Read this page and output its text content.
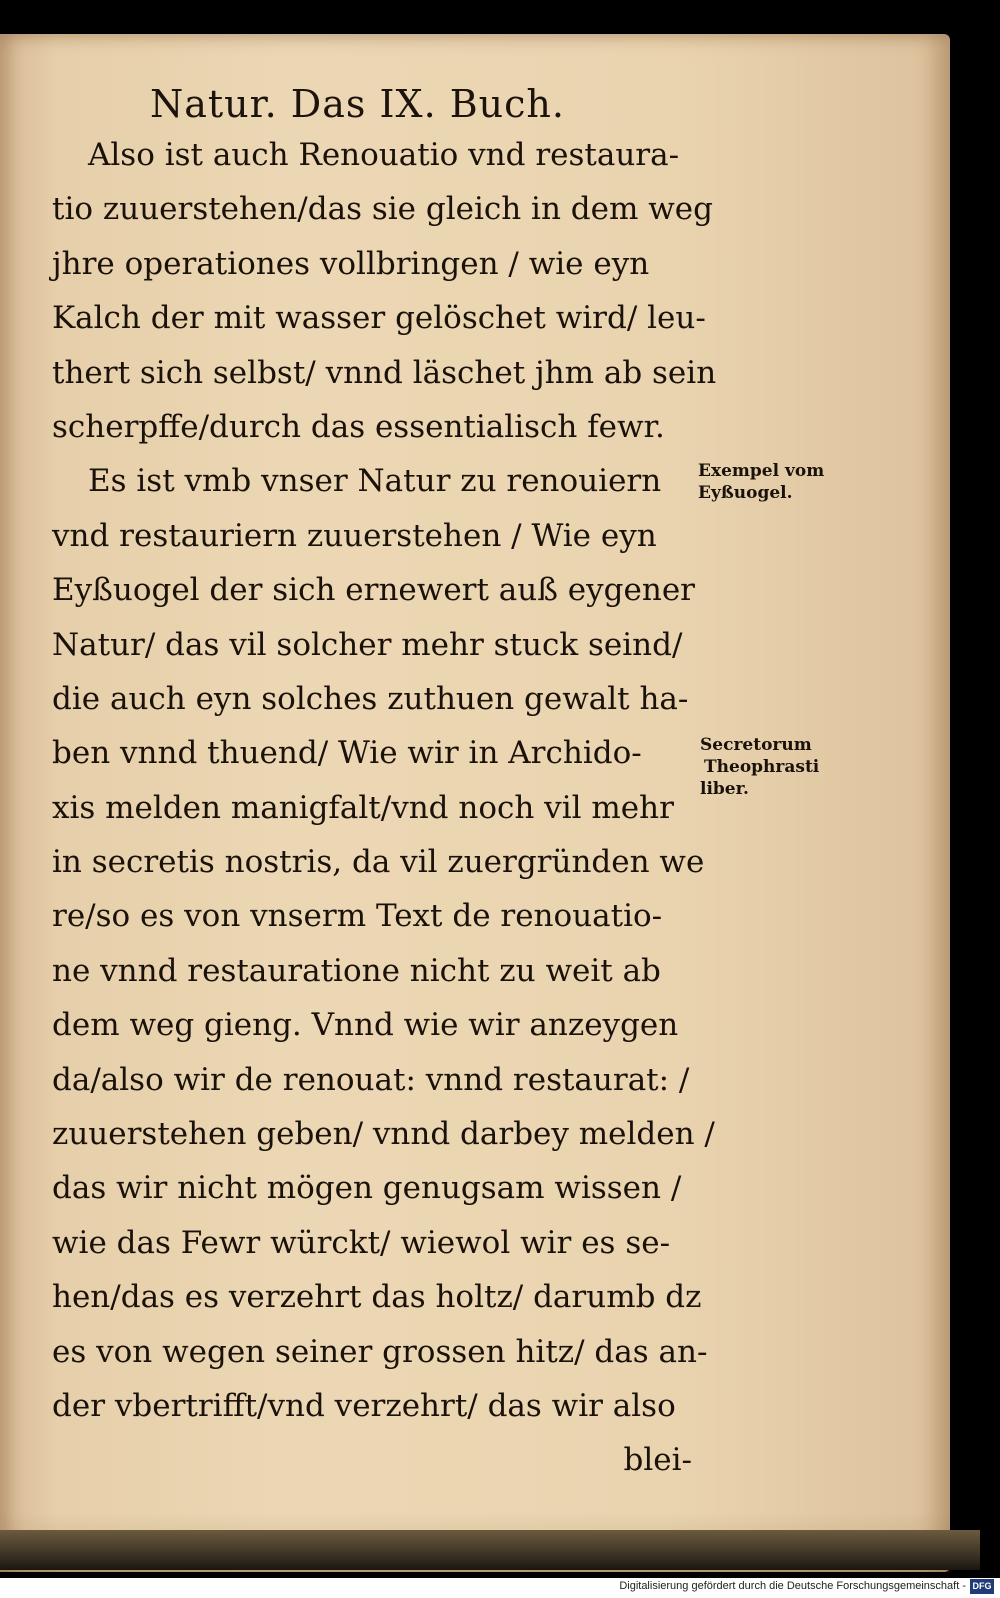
Natur. Das IX. Buch.
Also ist auch Renouatio vnd restaura-
tio zuuerstehen/das sie gleich in dem weg
jhre operationes vollbringen / wie eyn
Kalch der mit wasser gelöschet wird/ leu-
thert sich selbst/ vnnd läschet jhm ab sein
scherpffe/durch das essentialisch fewr.
Es ist vmb vnser Natur zu renouiern
vnd restauriern zuuerstehen / Wie eyn
Eyßuogel der sich ernewert auß eygener
Natur/ das vil solcher mehr stuck seind/
die auch eyn solches zuthuen gewalt ha-
ben vnnd thuend/ Wie wir in Archido-
xis melden manigfalt/vnd noch vil mehr
in secretis nostris, da vil zuergründen we
re/so es von vnserm Text de renouatio-
ne vnnd restauratione nicht zu weit ab
dem weg gieng. Vnnd wie wir anzeygen
da/also wir de renouat: vnnd restaurat: /
zuuerstehen geben/ vnnd darbey melden /
das wir nicht mögen genugsam wissen /
wie das Fewr würckt/ wiewol wir es se-
hen/das es verzehrt das holtz/ darumb dz
es von wegen seiner grossen hitz/ das an-
der vbertrifft/vnd verzehrt/ das wir also
blei-
Exempel vom
Eyßuogel.
Secretorum
Theophrasti
liber.
Digitalisierung gefördert durch die Deutsche Forschungsgemeinschaft - DFG
